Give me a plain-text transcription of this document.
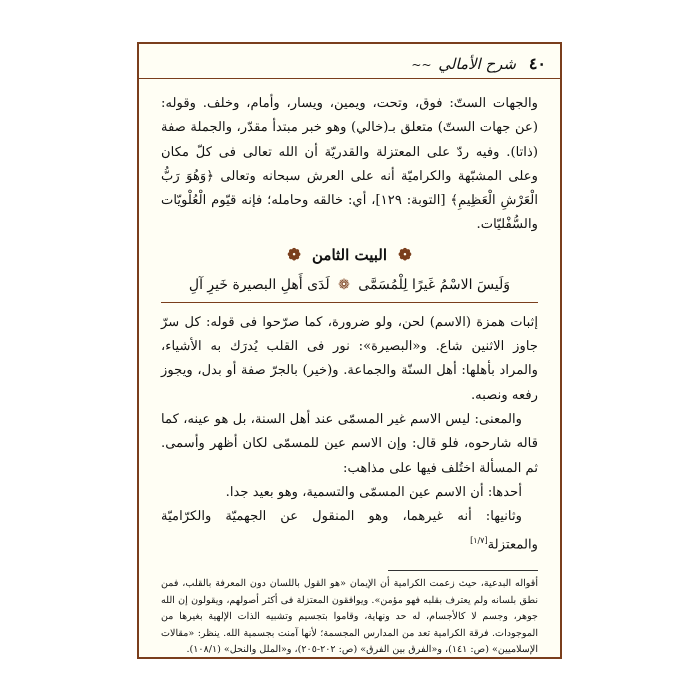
٤٠
شرح الأمالي ~~

والجهات الستّ: فوق، وتحت، ويمين، ويسار، وأمام، وخلف. وقوله: (عن جهات الستّ) متعلق بـ(خالي) وهو خبر مبتدأ مقدّر، والجملة صفة (ذاتا). وفيه ردّ على المعتزلة والقدريّة أن الله تعالى فى كلّ مكان وعلى المشبّهة والكراميّة أنه على العرش سبحانه وتعالى ﴿وَهُوَ رَبُّ الْعَرْشِ الْعَظِيمِ﴾ [التوبة: ١٢٩]، أي: خالقه وحامله؛ فإنه قيّوم الْعُلْويّات والسُّفْليّات.

❁ البيت الثامن ❁
وَلَيسَ الاسْمُ غَيرًا لِلْمُسَمَّى ❁ لَدَى أَهلِ البصيرة خَيرِ آلِ

إثبات همزة (الاسم) لحن، ولو ضرورة، كما صرّحوا فى قوله: كل سرّ جاوز الاثنين شاع. و«البصيرة»: نور فى القلب يُدرَك به الأشياء، والمراد بأهلها: أهل السنّة والجماعة. و(خير) بالجرّ صفة أو بدل، ويجوز رفعه ونصبه.

والمعنى: ليس الاسم غير المسمّى عند أهل السنة، بل هو عينه، كما قاله شارحوه، فلو قال: وإن الاسم عين للمسمّى لكان أظهر وأسمى. ثم المسألة اختُلف فيها على مذاهب:

أحدها: أن الاسم عين المسمّى والتسمية، وهو بعيد جدا.

وثانيها: أنه غيرهما، وهو المنقول عن الجهميّة والكرّاميّة والمعتزلة[١/٧]

أقواله البدعية، حيث زعمت الكرامية أن الإيمان «هو القول باللسان دون المعرفة بالقلب، فمن نطق بلسانه ولم يعترف بقلبه فهو مؤمن». ويوافقون المعتزلة فى أكثر أصولهم، ويقولون إن الله جوهر، وجسم لا كالأجسام، له حد ونهاية، وقاموا بتجسيم وتشبيه الذات الإلهية بغيرها من الموجودات. فرقة الكرامية تعد من المدارس المجسمة؛ لأنها آمنت بجسمية الله. ينظر: «مقالات الإسلاميين» (ص: ١٤١)، و«الفرق بين الفرق» (ص: ٢٠٢-٢٠٥)، و«الملل والنحل» (١٠٨/١).
